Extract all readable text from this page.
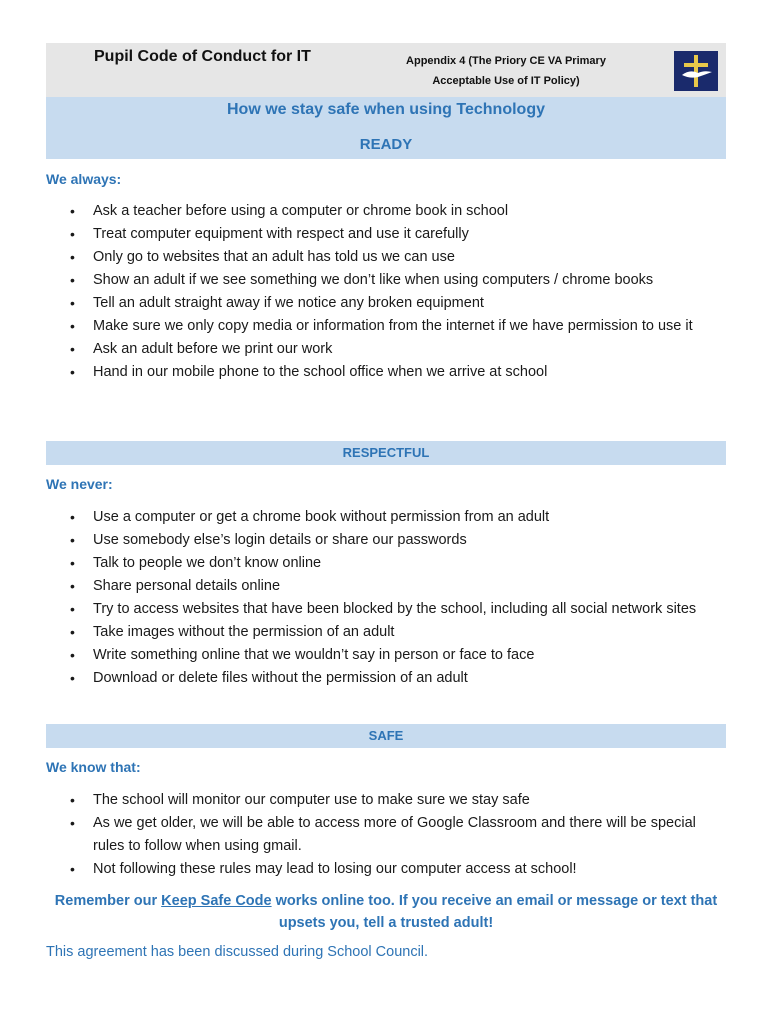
Pupil Code of Conduct for IT	Appendix 4 (The Priory CE VA Primary
Acceptable Use of IT Policy)
How we stay safe when using Technology
READY
We always:
• Ask a teacher before using a computer or chrome book in school
• Treat computer equipment with respect and use it carefully
• Only go to websites that an adult has told us we can use
• Show an adult if we see something we don’t like when using computers / chrome books
• Tell an adult straight away if we notice any broken equipment
• Make sure we only copy media or information from the internet if we have permission to use it
• Ask an adult before we print our work
• Hand in our mobile phone to the school office when we arrive at school
RESPECTFUL
We never:
• Use a computer or get a chrome book without permission from an adult
• Use somebody else’s login details or share our passwords
• Talk to people we don’t know online
• Share personal details online
• Try to access websites that have been blocked by the school, including all social network sites
• Take images without the permission of an adult
• Write something online that we wouldn’t say in person or face to face
• Download or delete files without the permission of an adult
SAFE
We know that:
• The school will monitor our computer use to make sure we stay safe
• As we get older, we will be able to access more of Google Classroom and there will be special rules to follow when using gmail.
• Not following these rules may lead to losing our computer access at school!
Remember our Keep Safe Code works online too. If you receive an email or message or text that upsets you, tell a trusted adult!
This agreement has been discussed during School Council.
